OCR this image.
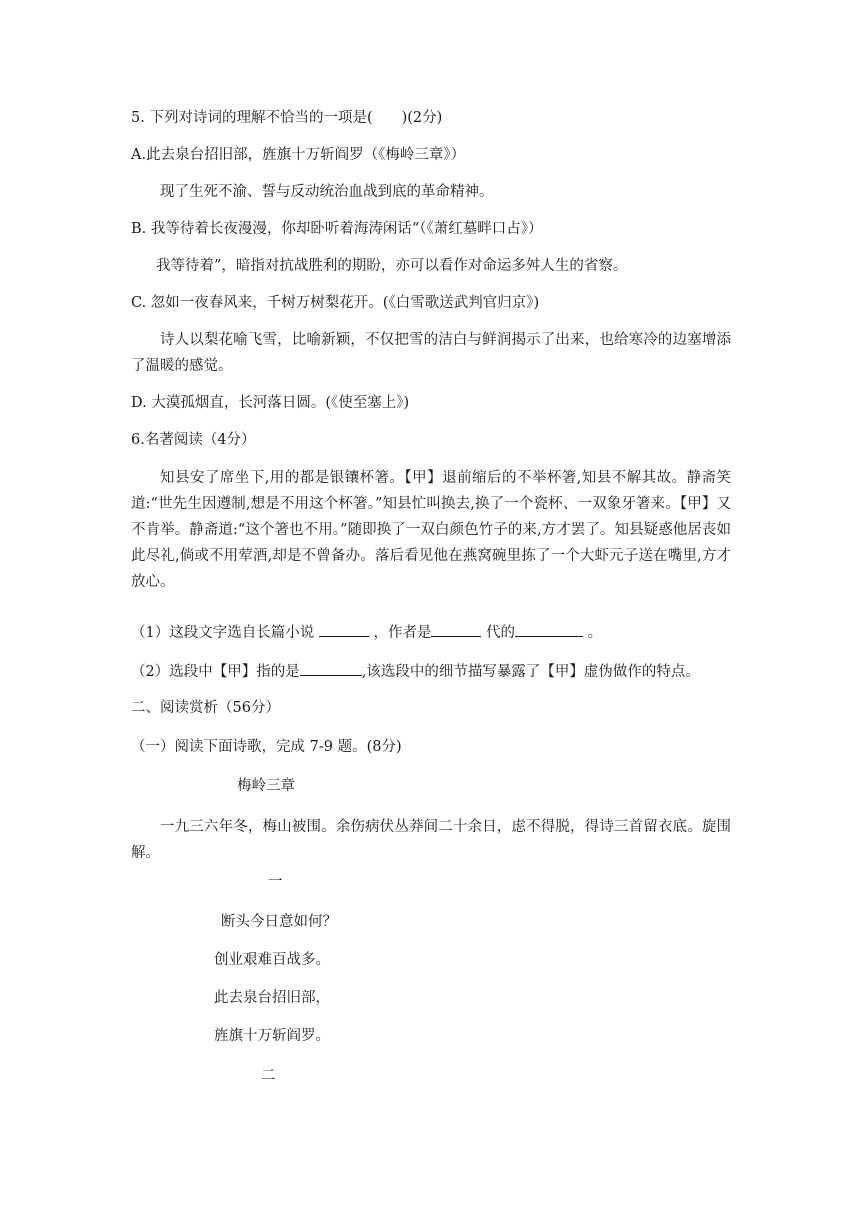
5. 下列对诗词的理解不恰当的一项是(　　)(2分)

A.此去泉台招旧部，旌旗十万斩阎罗（《梅岭三章》）

现了生死不渝、誓与反动统治血战到底的革命精神。

B. 我等待着长夜漫漫，你却卧听着海涛闲话“（《萧红墓畔口占》）

我等待着”，暗指对抗战胜利的期盼，亦可以看作对命运多舛人生的省察。

C. 忽如一夜春风来，千树万树梨花开。(《白雪歌送武判官归京》)

诗人以梨花喻飞雪，比喻新颖，不仅把雪的洁白与鲜润揭示了出来，也给寒冷的边塞增添了温暖的感觉。

D. 大漠孤烟直，长河落日圆。(《使至塞上》)

6.名著阅读（4分）

知县安了席坐下,用的都是银镶杯箸。【甲】退前缩后的不举杯箸,知县不解其故。静斋笑道:“世先生因遵制,想是不用这个杯箸。”知县忙叫换去,换了一个瓷杯、一双象牙箸来。【甲】又不肯举。静斋道:“这个箸也不用。”随即换了一双白颜色竹子的来,方才罢了。知县疑惑他居丧如此尽礼,倘或不用荤酒,却是不曾备办。落后看见他在燕窝碗里拣了一个大虾元子送在嘴里,方才放心。

（1）这段文字选自长篇小说	，作者是	代的	。

（2）选段中【甲】指的是	,该选段中的细节描写暴露了【甲】虚伪做作的特点。

二、阅读赏析（56分）

（一）阅读下面诗歌，完成 7-9 题。(8分)

梅岭三章

一九三六年冬，梅山被围。余伤病伏丛莽间二十余日，虑不得脱，得诗三首留衣底。旋围解。

一

断头今日意如何？

创业艰难百战多。

此去泉台招旧部，

旌旗十万斩阎罗。

二
